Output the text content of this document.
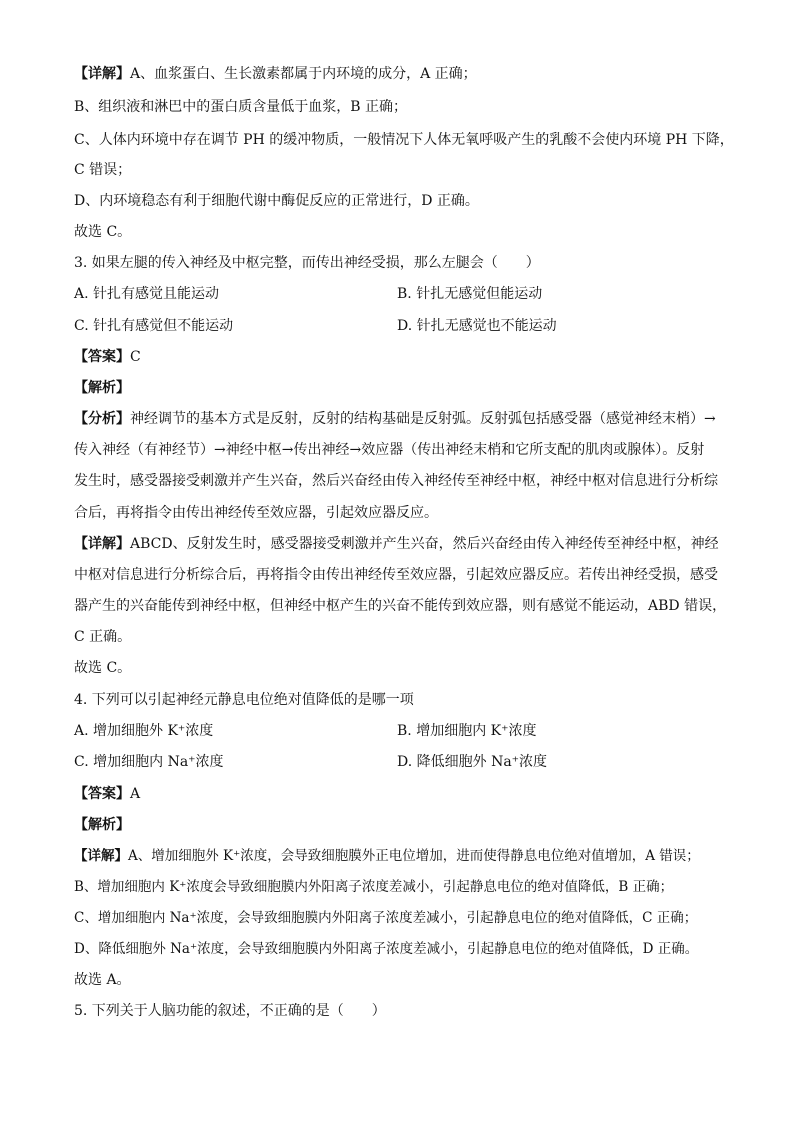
【详解】A、血浆蛋白、生长激素都属于内环境的成分，A 正确；
B、组织液和淋巴中的蛋白质含量低于血浆，B 正确；
C、人体内环境中存在调节 PH 的缓冲物质，一般情况下人体无氧呼吸产生的乳酸不会使内环境 PH 下降，
C 错误；
D、内环境稳态有利于细胞代谢中酶促反应的正常进行，D 正确。
故选 C。
3. 如果左腿的传入神经及中枢完整，而传出神经受损，那么左腿会（　　）
A. 针扎有感觉且能运动	B. 针扎无感觉但能运动
C. 针扎有感觉但不能运动	D. 针扎无感觉也不能运动
【答案】C
【解析】
【分析】神经调节的基本方式是反射，反射的结构基础是反射弧。反射弧包括感受器（感觉神经末梢）→
传入神经（有神经节）→神经中枢→传出神经→效应器（传出神经末梢和它所支配的肌肉或腺体）。反射
发生时，感受器接受刺激并产生兴奋，然后兴奋经由传入神经传至神经中枢，神经中枢对信息进行分析综
合后，再将指令由传出神经传至效应器，引起效应器反应。
【详解】ABCD、反射发生时，感受器接受刺激并产生兴奋，然后兴奋经由传入神经传至神经中枢，神经
中枢对信息进行分析综合后，再将指令由传出神经传至效应器，引起效应器反应。若传出神经受损，感受
器产生的兴奋能传到神经中枢，但神经中枢产生的兴奋不能传到效应器，则有感觉不能运动，ABD 错误，
C 正确。
故选 C。
4. 下列可以引起神经元静息电位绝对值降低的是哪一项
A. 增加细胞外 K⁺浓度	B. 增加细胞内 K⁺浓度
C. 增加细胞内 Na⁺浓度	D. 降低细胞外 Na⁺浓度
【答案】A
【解析】
【详解】A、增加细胞外 K⁺浓度，会导致细胞膜外正电位增加，进而使得静息电位绝对值增加，A 错误；
B、增加细胞内 K⁺浓度会导致细胞膜内外阳离子浓度差减小，引起静息电位的绝对值降低，B 正确；
C、增加细胞内 Na⁺浓度，会导致细胞膜内外阳离子浓度差减小，引起静息电位的绝对值降低，C 正确；
D、降低细胞外 Na⁺浓度，会导致细胞膜内外阳离子浓度差减小，引起静息电位的绝对值降低，D 正确。
故选 A。
5. 下列关于人脑功能的叙述，不正确的是（　　）
